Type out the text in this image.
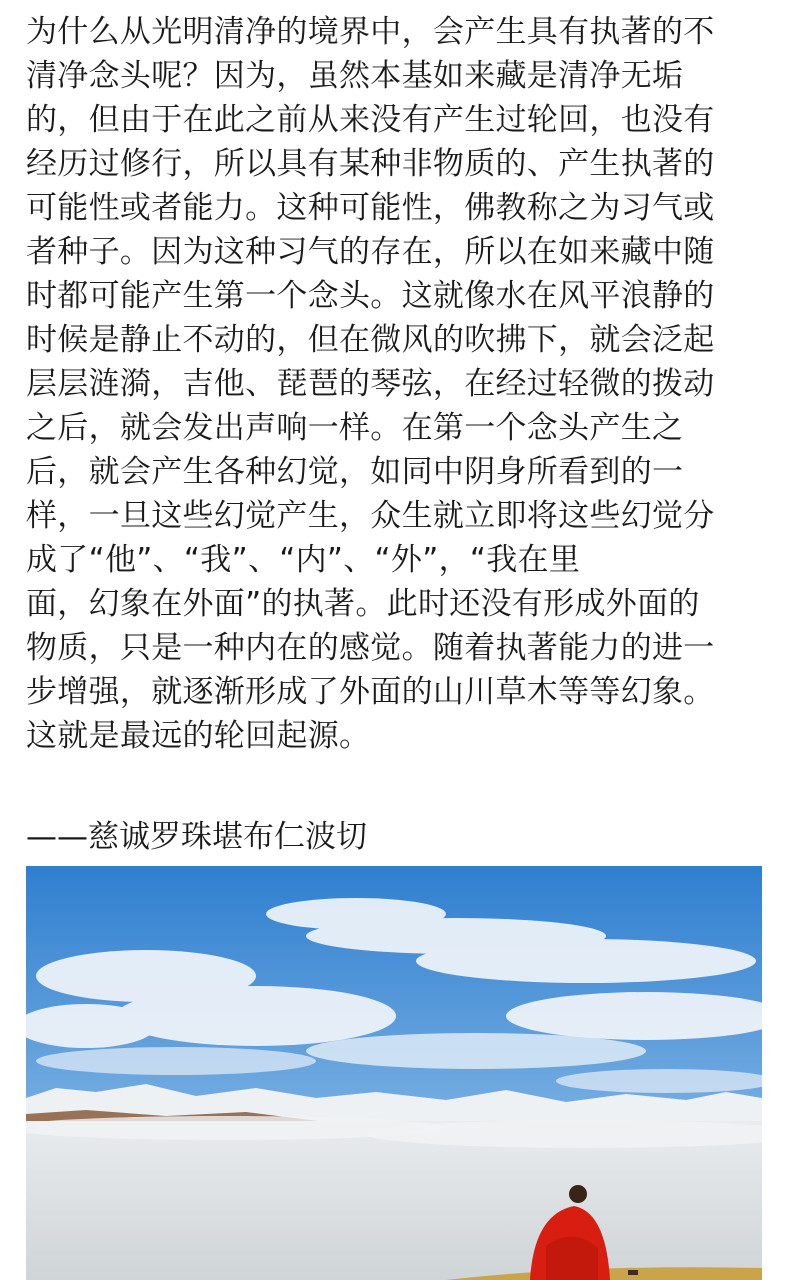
为什么从光明清净的境界中，会产生具有执著的不
清净念头呢？因为，虽然本基如来藏是清净无垢
的，但由于在此之前从来没有产生过轮回，也没有
经历过修行，所以具有某种非物质的、产生执著的
可能性或者能力。这种可能性，佛教称之为习气或
者种子。因为这种习气的存在，所以在如来藏中随
时都可能产生第一个念头。这就像水在风平浪静的
时候是静止不动的，但在微风的吹拂下，就会泛起
层层涟漪，吉他、琵琶的琴弦，在经过轻微的拨动
之后，就会发出声响一样。在第一个念头产生之
后，就会产生各种幻觉，如同中阴身所看到的一
样，一旦这些幻觉产生，众生就立即将这些幻觉分
成了“他”、“我”、“内”、“外”，“我在里
面，幻象在外面”的执著。此时还没有形成外面的
物质，只是一种内在的感觉。随着执著能力的进一
步增强，就逐渐形成了外面的山川草木等等幻象。
这就是最远的轮回起源。
——慈诚罗珠堪布仁波切
